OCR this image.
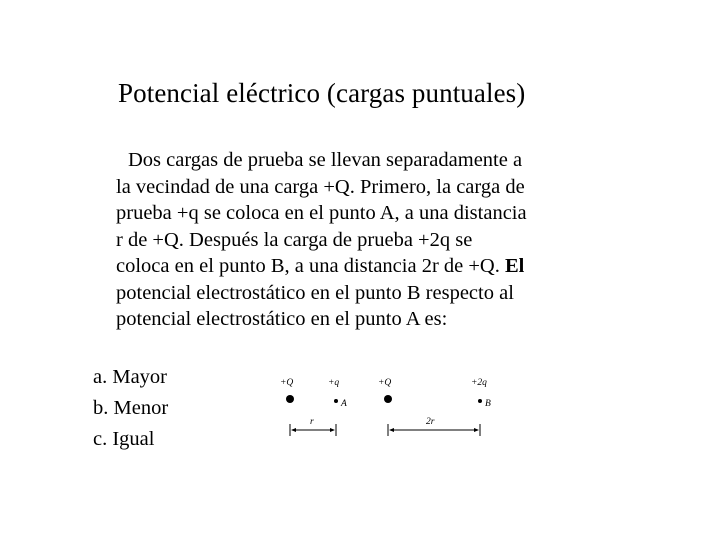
Potencial eléctrico (cargas puntuales)
Dos cargas de prueba se llevan separadamente a
la vecindad de una carga +Q. Primero, la carga de
prueba +q se coloca en el punto A, a una distancia
r de +Q. Después la carga de prueba +2q se
coloca en el punto B, a una distancia 2r de +Q. El
potencial electrostático en el punto B respecto al
potencial electrostático en el punto A es:
a. Mayor
b. Menor
c. Igual
+Q	+q
A
r
+Q	+2q
B
2r
